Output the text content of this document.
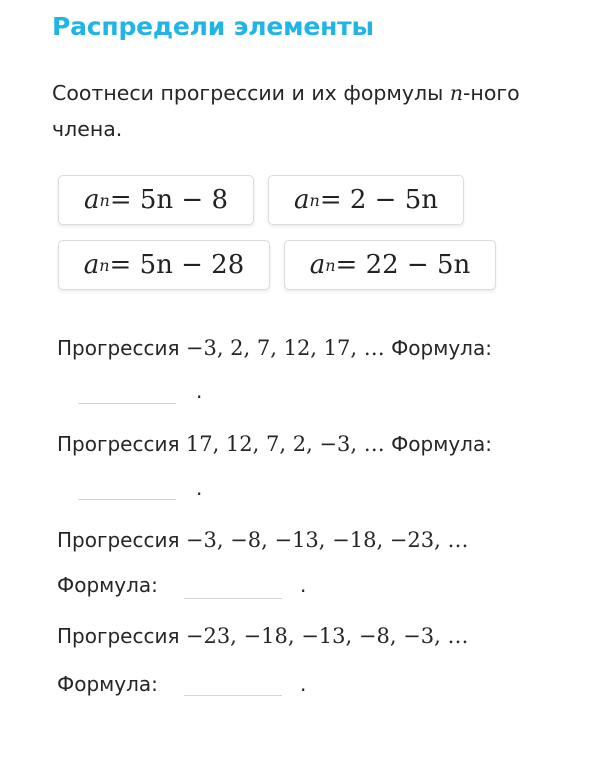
Распредели элементы
Соотнеси прогрессии и их формулы n-ного члена.
a n = 5n − 8	a n = 2 − 5n
a n = 5n − 28	a n = 22 − 5n
Прогрессия −3, 2, 7, 12, 17, … Формула:
.
Прогрессия 17, 12, 7, 2, −3, … Формула:
.
Прогрессия −3, −8, −13, −18, −23, …
Формула:	.
Прогрессия −23, −18, −13, −8, −3, …
Формула:	.
